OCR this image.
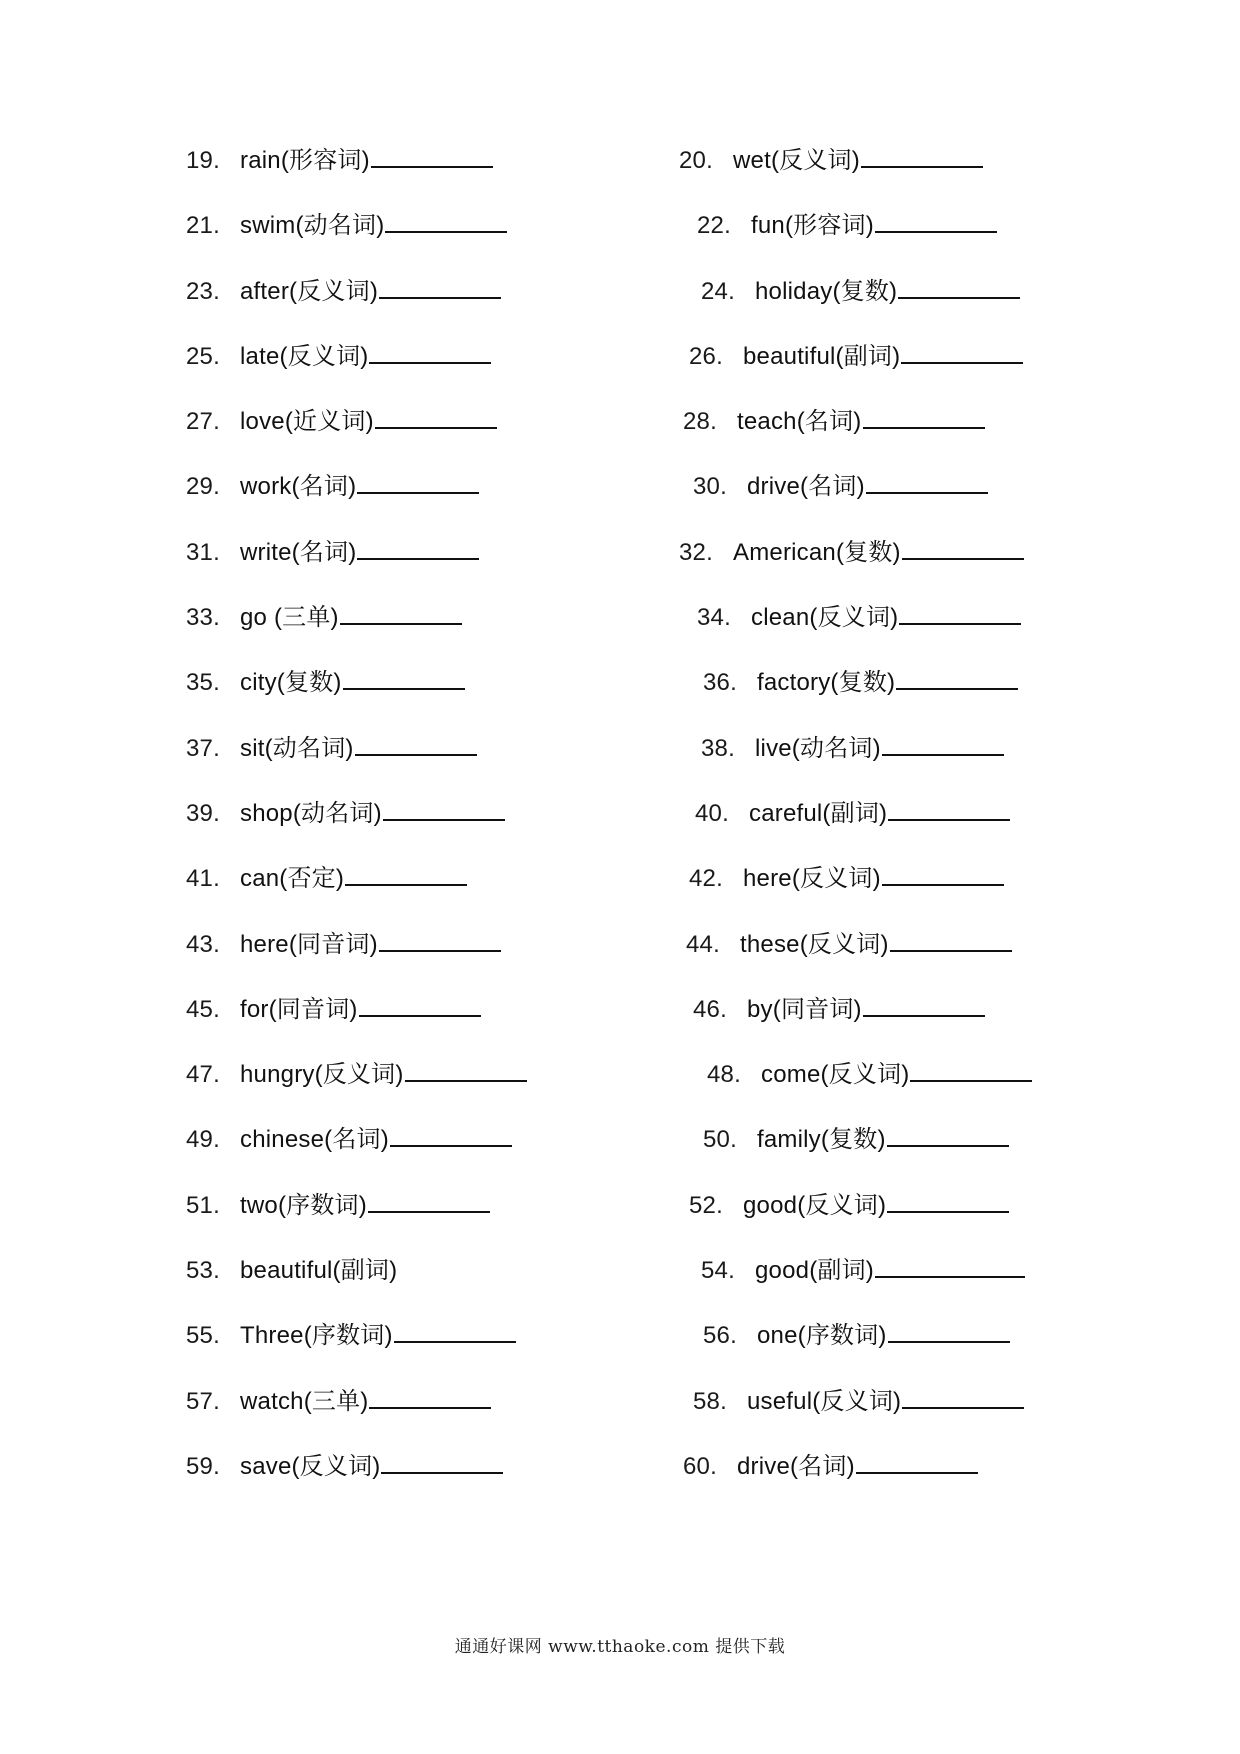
19. rain(形容词)	20. wet(反义词)
21. swim(动名词)	22. fun(形容词)
23. after(反义词)	24. holiday(复数)
25. late(反义词)	26. beautiful(副词)
27. love(近义词)	28. teach(名词)
29. work(名词)	30. drive(名词)
31. write(名词)	32. American(复数)
33. go (三单)	34. clean(反义词)
35. city(复数)	36. factory(复数)
37. sit(动名词)	38. live(动名词)
39. shop(动名词)	40. careful(副词)
41. can(否定)	42. here(反义词)
43. here(同音词)	44. these(反义词)
45. for(同音词)	46. by(同音词)
47. hungry(反义词)	48. come(反义词)
49. chinese(名词)	50. family(复数)
51. two(序数词)	52. good(反义词)
53. beautiful(副词)	54. good(副词)
55. Three(序数词)	56. one(序数词)
57. watch(三单)	58. useful(反义词)
59. save(反义词)	60. drive(名词)
通通好课网 www.tthaoke.com 提供下载
